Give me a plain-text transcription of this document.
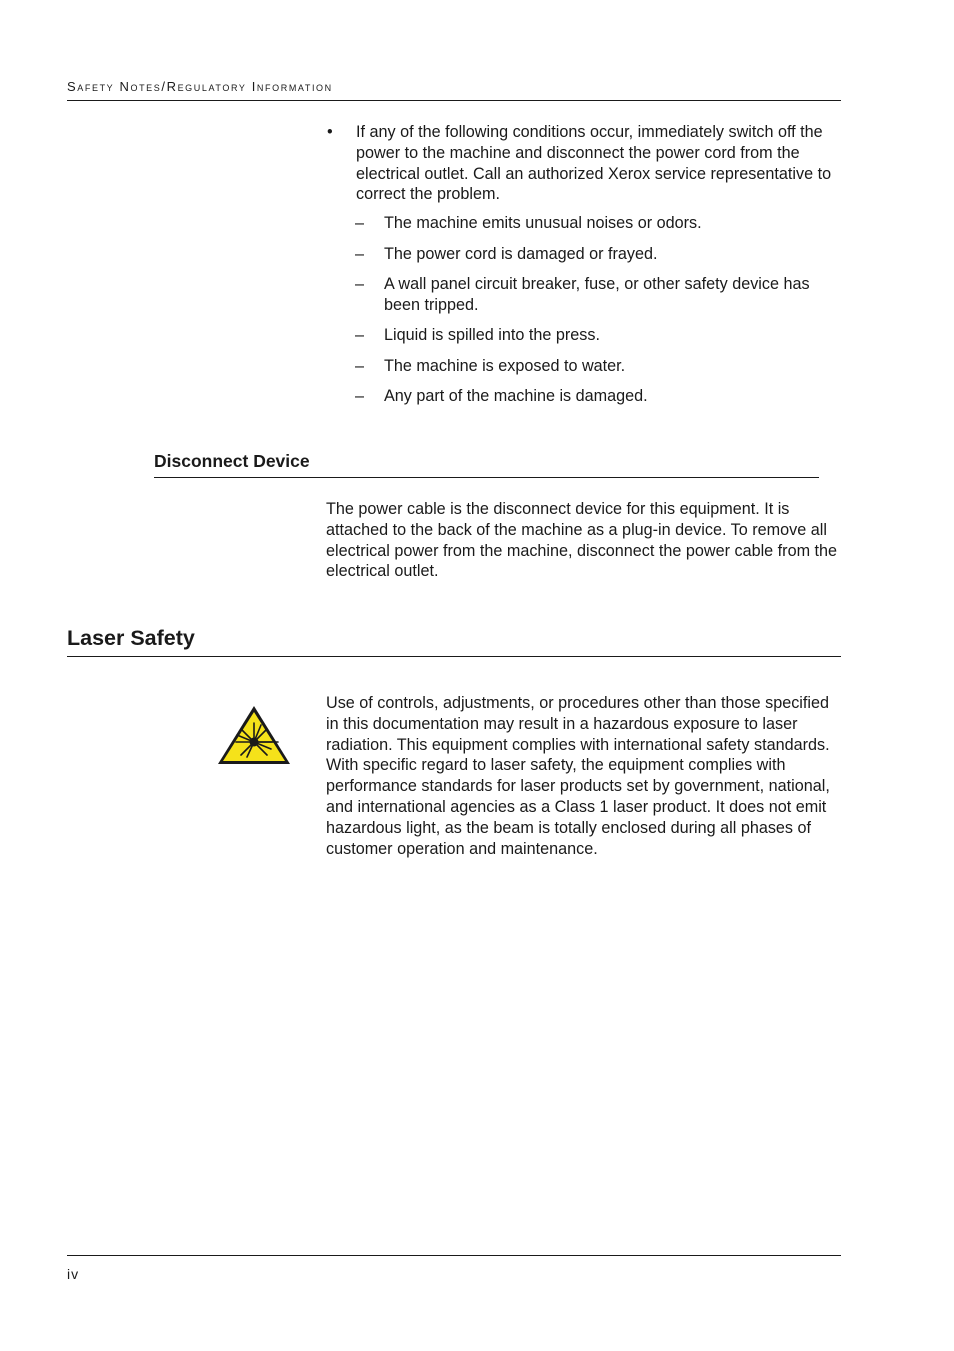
Safety Notes/Regulatory Information
•	If any of the following conditions occur, immediately switch off the power to the machine and disconnect the power cord from the electrical outlet. Call an authorized Xerox service representative to correct the problem.
–	The machine emits unusual noises or odors.
–	The power cord is damaged or frayed.
–	A wall panel circuit breaker, fuse, or other safety device has been tripped.
–	Liquid is spilled into the press.
–	The machine is exposed to water.
–	Any part of the machine is damaged.
Disconnect Device
The power cable is the disconnect device for this equipment. It is attached to the back of the machine as a plug-in device. To remove all electrical power from the machine, disconnect the power cable from the electrical outlet.
Laser Safety
Use of controls, adjustments, or procedures other than those specified in this documentation may result in a hazardous exposure to laser radiation. This equipment complies with international safety standards. With specific regard to laser safety, the equipment complies with performance standards for laser products set by government, national, and international agencies as a Class 1 laser product. It does not emit hazardous light, as the beam is totally enclosed during all phases of customer operation and maintenance.
iv
